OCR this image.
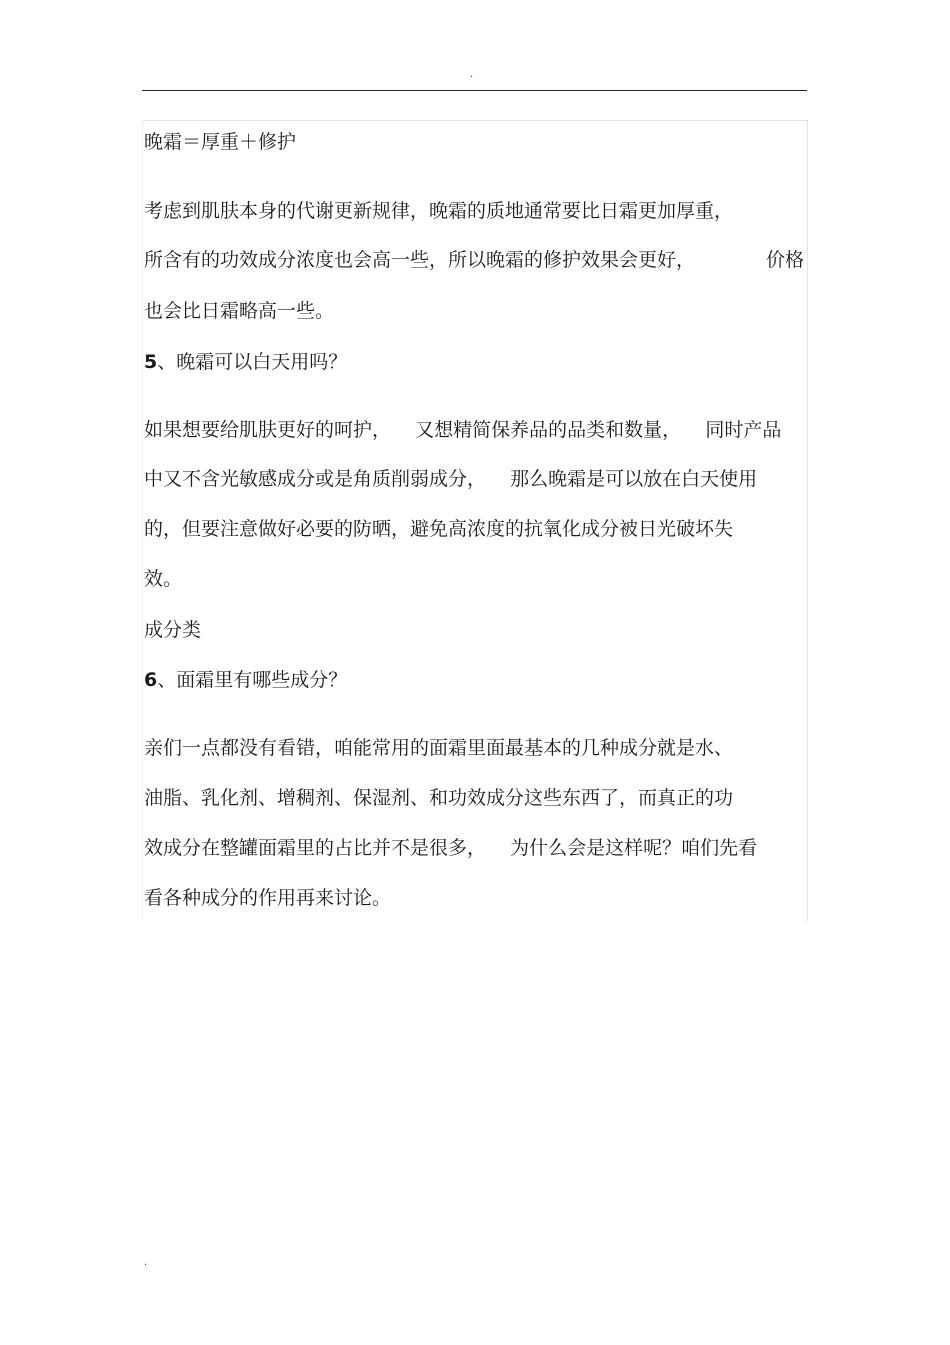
.

晚霜＝厚重＋修护

考虑到肌肤本身的代谢更新规律，晚霜的质地通常要比日霜更加厚重，

所含有的功效成分浓度也会高一些，所以晚霜的修护效果会更好，	价格

也会比日霜略高一些。

5、晚霜可以白天用吗？

如果想要给肌肤更好的呵护，    又想精简保养品的品类和数量，    同时产品

中又不含光敏感成分或是角质削弱成分，    那么晚霜是可以放在白天使用

的，但要注意做好必要的防晒，避免高浓度的抗氧化成分被日光破坏失

效。

成分类

6、面霜里有哪些成分？

亲们一点都没有看错，咱能常用的面霜里面最基本的几种成分就是水、

油脂、乳化剂、增稠剂、保湿剂、和功效成分这些东西了，而真正的功

效成分在整罐面霜里的占比并不是很多，    为什么会是这样呢？咱们先看

看各种成分的作用再来讨论。

.
